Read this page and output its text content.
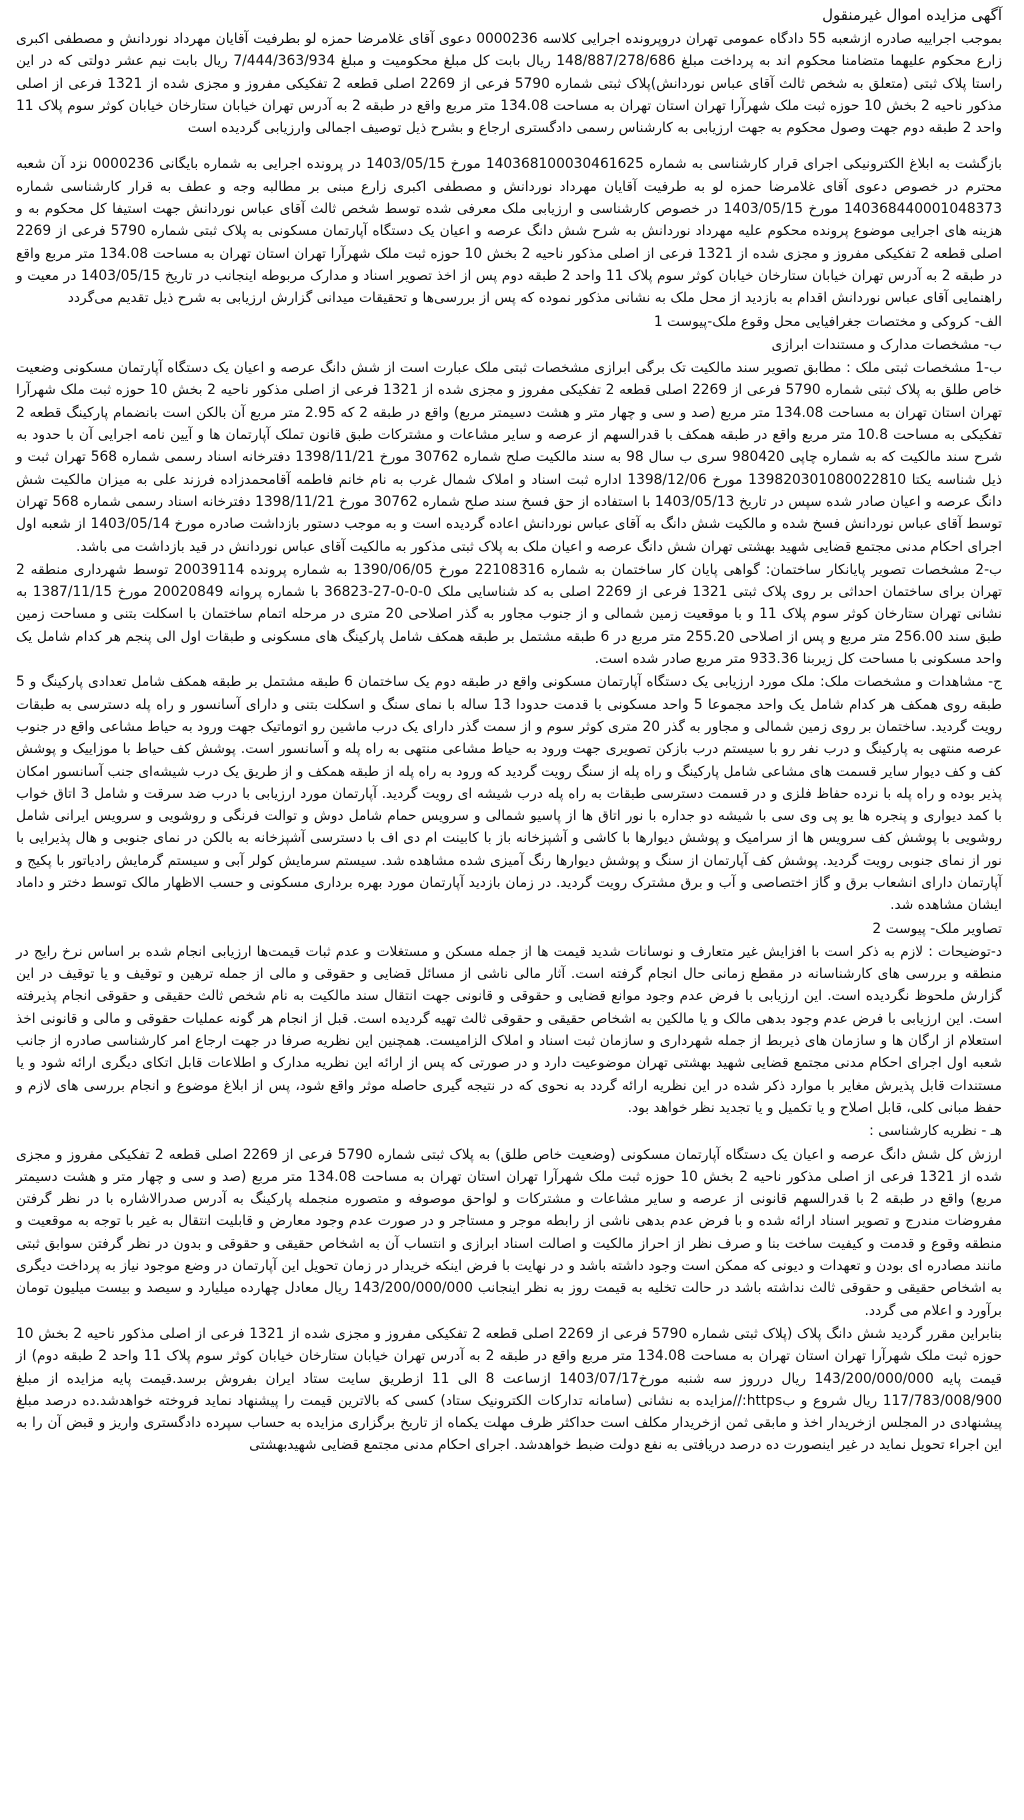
آگهی مزایده اموال غیرمنقول

بموجب اجراییه صادره ازشعبه 55 دادگاه عمومی تهران دروپرونده اجرایی کلاسه 0000236 دعوی آقای غلامرضا حمزه لو بطرفیت آقایان مهرداد نوردانش و مصطفی اکبری زارع محکوم علیهما متضامنا محکوم اند به پرداخت مبلغ 148/887/278/686 ریال بابت کل مبلغ محکومیت و مبلغ 7/444/363/934 ریال بابت نیم عشر دولتی که در این راستا پلاک ثبتی (متعلق به شخص ثالث آقای عباس نوردانش)پلاک ثبتی شماره 5790 فرعی از 2269 اصلی قطعه 2 تفکیکی مفروز و مجزی شده از 1321 فرعی از اصلی مذکور ناحیه 2 بخش 10 حوزه ثبت ملک شهرآرا تهران استان تهران به مساحت 134.08 متر مربع واقع در طبقه 2 به آدرس تهران خیابان ستارخان خیابان کوثر سوم پلاک 11 واحد 2 طبقه دوم جهت وصول محکوم به جهت ارزیابی به کارشناس رسمی دادگستری ارجاع و بشرح ذیل توصیف اجمالی وارزیابی گردیده است

بازگشت به ابلاغ الکترونیکی اجرای قرار کارشناسی به شماره 140368100030461625 مورخ 1403/05/15 در پرونده اجرایی به شماره بایگانی 0000236 نزد آن شعبه محترم در خصوص دعوی آقای غلامرضا حمزه لو به طرفیت آقایان مهرداد نوردانش و مصطفی اکبری زارع مبنی بر مطالبه وجه و عطف به قرار کارشناسی شماره 140368440001048373 مورخ 1403/05/15 در خصوص کارشناسی و ارزیابی ملک معرفی شده توسط شخص ثالث آقای عباس نوردانش جهت استیفا کل محکوم به و هزینه های اجرایی موضوع پرونده محکوم علیه مهرداد نوردانش به شرح شش دانگ عرصه و اعیان یک دستگاه آپارتمان مسکونی به پلاک ثبتی شماره 5790 فرعی از 2269 اصلی قطعه 2 تفکیکی مفروز و مجزی شده از 1321 فرعی از اصلی مذکور ناحیه 2 بخش 10 حوزه ثبت ملک شهرآرا تهران استان تهران به مساحت 134.08 متر مربع واقع در طبقه 2 به آدرس تهران خیابان ستارخان خیابان کوثر سوم پلاک 11 واحد 2 طبقه دوم پس از اخذ تصویر اسناد و مدارک مربوطه اینجانب در تاریخ 1403/05/15 در معیت و راهنمایی آقای عباس نوردانش اقدام به بازدید از محل ملک به نشانی مذکور نموده که پس از بررسی‌ها و تحقیقات میدانی گزارش ارزیابی به شرح ذیل تقدیم می‌گردد

الف- کروکی و مختصات جغرافیایی محل وقوع ملک-پیوست 1

ب- مشخصات مدارک و مستندات ابرازی

ب-1 مشخصات ثبتی ملک : مطابق تصویر سند مالکیت تک برگی ابرازی مشخصات ثبتی ملک عبارت است از شش دانگ عرصه و اعیان یک دستگاه آپارتمان مسکونی وضعیت خاص طلق به پلاک ثبتی شماره 5790 فرعی از 2269 اصلی قطعه 2 تفکیکی مفروز و مجزی شده از 1321 فرعی از اصلی مذکور ناحیه 2 بخش 10 حوزه ثبت ملک شهرآرا تهران استان تهران به مساحت 134.08 متر مربع (صد و سی و چهار متر و هشت دسیمتر مربع) واقع در طبقه 2 که 2.95 متر مربع آن بالکن است بانضمام پارکینگ قطعه 2 تفکیکی به مساحت 10.8 متر مربع واقع در طبقه همکف با قدرالسهم از عرصه و سایر مشاعات و مشترکات طبق قانون تملک آپارتمان ها و آیین نامه اجرایی آن با حدود به شرح سند مالکیت که به شماره چاپی 980420 سری ب سال 98 به سند مالکیت صلح شماره 30762 مورخ 1398/11/21 دفترخانه اسناد رسمی شماره 568 تهران ثبت و ذیل شناسه یکتا 139820301080022810 مورخ 1398/12/06 اداره ثبت اسناد و املاک شمال غرب به نام خانم فاطمه آقامحمدزاده فرزند علی به میزان مالکیت شش دانگ عرصه و اعیان صادر شده سپس در تاریخ 1403/05/13 با استفاده از حق فسخ سند صلح شماره 30762 مورخ 1398/11/21 دفترخانه اسناد رسمی شماره 568 تهران توسط آقای عباس نوردانش فسخ شده و مالکیت شش دانگ به آقای عباس نوردانش اعاده گردیده است و به موجب دستور بازداشت صادره مورخ 1403/05/14 از شعبه اول اجرای احکام مدنی مجتمع قضایی شهید بهشتی تهران شش دانگ عرصه و اعیان ملک به پلاک ثبتی مذکور به مالکیت آقای عباس نوردانش در قید بازداشت می باشد.

ب-2 مشخصات تصویر پایانکار ساختمان: گواهی پایان کار ساختمان به شماره 22108316 مورخ 1390/06/05 به شماره پرونده 20039114 توسط شهرداری منطقه 2 تهران برای ساختمان احداثی بر روی پلاک ثبتی 1321 فرعی از 2269 اصلی به کد شناسایی ملک 0-0-0-27-36823 با شماره پروانه 20020849 مورخ 1387/11/15 به نشانی تهران ستارخان کوثر سوم پلاک 11 و با موقعیت زمین شمالی و از جنوب مجاور به گذر اصلاحی 20 متری در مرحله اتمام ساختمان با اسکلت بتنی و مساحت زمین طبق سند 256.00 متر مربع و پس از اصلاحی 255.20 متر مربع در 6 طبقه مشتمل بر طبقه همکف شامل پارکینگ های مسکونی و طبقات اول الی پنجم هر کدام شامل یک واحد مسکونی با مساحت کل زیربنا 933.36 متر مربع صادر شده است.

ج- مشاهدات و مشخصات ملک: ملک مورد ارزیابی یک دستگاه آپارتمان مسکونی واقع در طبقه دوم یک ساختمان 6 طبقه مشتمل بر طبقه همکف شامل تعدادی پارکینگ و 5 طبقه روی همکف هر کدام شامل یک واحد مجموعا 5 واحد مسکونی با قدمت حدودا 13 ساله با نمای سنگ و اسکلت بتنی و دارای آسانسور و راه پله دسترسی به طبقات رویت گردید. ساختمان بر روی زمین شمالی و مجاور به گذر 20 متری کوثر سوم و از سمت گذر دارای یک درب ماشین رو اتوماتیک جهت ورود به حیاط مشاعی واقع در جنوب عرصه منتهی به پارکینگ و درب نفر رو با سیستم درب بازکن تصویری جهت ورود به حیاط مشاعی منتهی به راه پله و آسانسور است. پوشش کف حیاط با موزاییک و پوشش کف و کف دیوار سایر قسمت های مشاعی شامل پارکینگ و راه پله از سنگ رویت گردید که ورود به راه پله از طبقه همکف و از طریق یک درب شیشه‌ای جنب آسانسور امکان پذیر بوده و راه پله با نرده حفاظ فلزی و در قسمت دسترسی طبقات به راه پله درب شیشه ای رویت گردید. آپارتمان مورد ارزیابی با درب ضد سرقت و شامل 3 اتاق خواب با کمد دیواری و پنجره ها یو پی وی سی با شیشه دو جداره با نور اتاق ها از پاسیو شمالی و سرویس حمام شامل دوش و توالت فرنگی و روشویی و سرویس ایرانی شامل روشویی با پوشش کف سرویس ها از سرامیک و پوشش دیوارها با کاشی و آشپزخانه باز با کابینت ام دی اف با دسترسی آشپزخانه به بالکن در نمای جنوبی و هال پذیرایی با نور از نمای جنوبی رویت گردید. پوشش کف آپارتمان از سنگ و پوشش دیوارها رنگ آمیزی شده مشاهده شد. سیستم سرمایش کولر آبی و سیستم گرمایش رادیاتور با پکیج و آپارتمان دارای انشعاب برق و گاز اختصاصی و آب و برق مشترک رویت گردید. در زمان بازدید آپارتمان مورد بهره برداری مسکونی و حسب الاظهار مالک توسط دختر و داماد ایشان مشاهده شد.

تصاویر ملک- پیوست 2

د-توضیحات : لازم به ذکر است با افزایش غیر متعارف و نوسانات شدید قیمت ها از جمله مسکن و مستغلات و عدم ثبات قیمت‌ها ارزیابی انجام شده بر اساس نرخ رایج در منطقه و بررسی های کارشناسانه در مقطع زمانی حال انجام گرفته است. آثار مالی ناشی از مسائل قضایی و حقوقی و مالی از جمله ترهین و توقیف و یا توقیف در این گزارش ملحوظ نگردیده است. این ارزیابی با فرض عدم وجود موانع قضایی و حقوقی و قانونی جهت انتقال سند مالکیت به نام شخص ثالث حقیقی و حقوقی انجام پذیرفته است. این ارزیابی با فرض عدم وجود بدهی مالک و یا مالکین به اشخاص حقیقی و حقوقی ثالث تهیه گردیده است. قبل از انجام هر گونه عملیات حقوقی و مالی و قانونی اخذ استعلام از ارگان ها و سازمان های ذیربط از جمله شهرداری و سازمان ثبت اسناد و املاک الزامیست. همچنین این نظریه صرفا در جهت ارجاع امر کارشناسی صادره از جانب شعبه اول اجرای احکام مدنی مجتمع قضایی شهید بهشتی تهران موضوعیت دارد و در صورتی که پس از ارائه این نظریه مدارک و اطلاعات قابل اتکای دیگری ارائه شود و یا مستندات قابل پذیرش مغایر با موارد ذکر شده در این نظریه ارائه گردد به نحوی که در نتیجه گیری حاصله موثر واقع شود، پس از ابلاغ موضوع و انجام بررسی های لازم و حفظ مبانی کلی، قابل اصلاح و یا تکمیل و یا تجدید نظر خواهد بود.

هـ - نظریه کارشناسی :

ارزش کل شش دانگ عرصه و اعیان یک دستگاه آپارتمان مسکونی (وضعیت خاص طلق) به پلاک ثبتی شماره 5790 فرعی از 2269 اصلی قطعه 2 تفکیکی مفروز و مجزی شده از 1321 فرعی از اصلی مذکور ناحیه 2 بخش 10 حوزه ثبت ملک شهرآرا تهران استان تهران به مساحت 134.08 متر مربع (صد و سی و چهار متر و هشت دسیمتر مربع) واقع در طبقه 2 با قدرالسهم قانونی از عرصه و سایر مشاعات و مشترکات و لواحق موصوفه و متصوره منجمله پارکینگ به آدرس صدرالاشاره با در نظر گرفتن مفروضات مندرج و تصویر اسناد ارائه شده و با فرض عدم بدهی ناشی از رابطه موجر و مستاجر و در صورت عدم وجود معارض و قابلیت انتقال به غیر با توجه به موقعیت و منطقه وقوع و قدمت و کیفیت ساخت بنا و صرف نظر از احراز مالکیت و اصالت اسناد ابرازی و انتساب آن به اشخاص حقیقی و حقوقی و بدون در نظر گرفتن سوابق ثبتی مانند مصادره ای بودن و تعهدات و دیونی که ممکن است وجود داشته باشد و در نهایت با فرض اینکه خریدار در زمان تحویل این آپارتمان در وضع موجود نیاز به پرداخت دیگری به اشخاص حقیقی و حقوقی ثالث نداشته باشد در حالت تخلیه به قیمت روز به نظر اینجانب 143/200/000/000 ریال معادل چهارده میلیارد و سیصد و بیست میلیون تومان برآورد و اعلام می گردد.

بنابراین مقرر گردید شش دانگ پلاک (پلاک ثبتی شماره 5790 فرعی از 2269 اصلی قطعه 2 تفکیکی مفروز و مجزی شده از 1321 فرعی از اصلی مذکور ناحیه 2 بخش 10 حوزه ثبت ملک شهرآرا تهران استان تهران به مساحت 134.08 متر مربع واقع در طبقه 2 به آدرس تهران خیابان ستارخان خیابان کوثر سوم پلاک 11 واحد 2 طبقه دوم) از قیمت پایه 143/200/000/000 ریال درروز سه شنبه مورخ1403/07/17 ازساعت 8 الی 11 ازطریق سایت ستاد ایران بفروش برسد.قیمت پایه مزایده از مبلغ 117/783/008/900 ریال شروع و ب‌https://مزایده به نشانی (سامانه تدارکات الکترونیک ستاد) کسی که بالاترین قیمت را پیشنهاد نماید فروخته خواهدشد.ده درصد مبلغ پیشنهادی در المجلس ازخریدار اخذ و مابقی ثمن ازخریدار مکلف است حداکثر ظرف مهلت یکماه از تاریخ برگزاری مزایده به حساب سپرده دادگستری واریز و قبض آن را به این اجراء تحویل نماید در غیر اینصورت ده درصد دریافتی به نفع دولت ضبط خواهدشد. اجرای احکام مدنی مجتمع قضایی شهیدبهشتی
